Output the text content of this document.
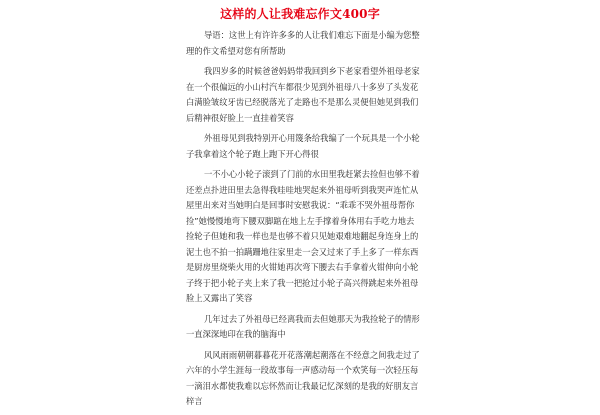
这样的人让我难忘作文400字

导语：这世上有许许多多的人让我们难忘下面是小编为您整理的作文希望对您有所帮助

我四岁多的时候爸爸妈妈带我回到乡下老家看望外祖母老家在一个很偏远的小山村汽车都很少见到外祖母八十多岁了头发花白满脸皱纹牙齿已经脱落光了走路也不是那么灵便但她见到我们后精神很好脸上一直挂着笑容

外祖母见到我特别开心用篾条给我编了一个玩具是一个小轮子我拿着这个轮子跑上跑下开心得很

一不小心小轮子滚到了门前的水田里我赶紧去捡但也够不着还差点扑进田里去急得我哇哇地哭起来外祖母听到我哭声连忙从屋里出来对当她明白是回事时安慰我说：“乖乖不哭外祖母帮你捡”她慢慢地弯下腰双脚踮在地上左手撑着身体用右手吃力地去捡轮子但她和我一样也是也够不着只见她艰难地翻起身连身上的泥土也不拍一拍蹒跚地往家里走一会又过来了手上多了一样东西是厨房里烧柴火用的火钳她再次弯下腰去右手拿着火钳伸向小轮子终于把小轮子夹上来了我一把抢过小轮子高兴得跳起来外祖母脸上又露出了笑容

几年过去了外祖母已经离我而去但她那天为我捡轮子的情形一直深深地印在我的脑海中

风风雨雨朝朝暮暮花开花落潮起潮落在不经意之间我走过了六年的小学生涯每一段故事每一声感动每一个欢笑每一次轻压每一滴泪水都使我难以忘怀然而让我最记忆深刻的是我的好朋友言梓言
